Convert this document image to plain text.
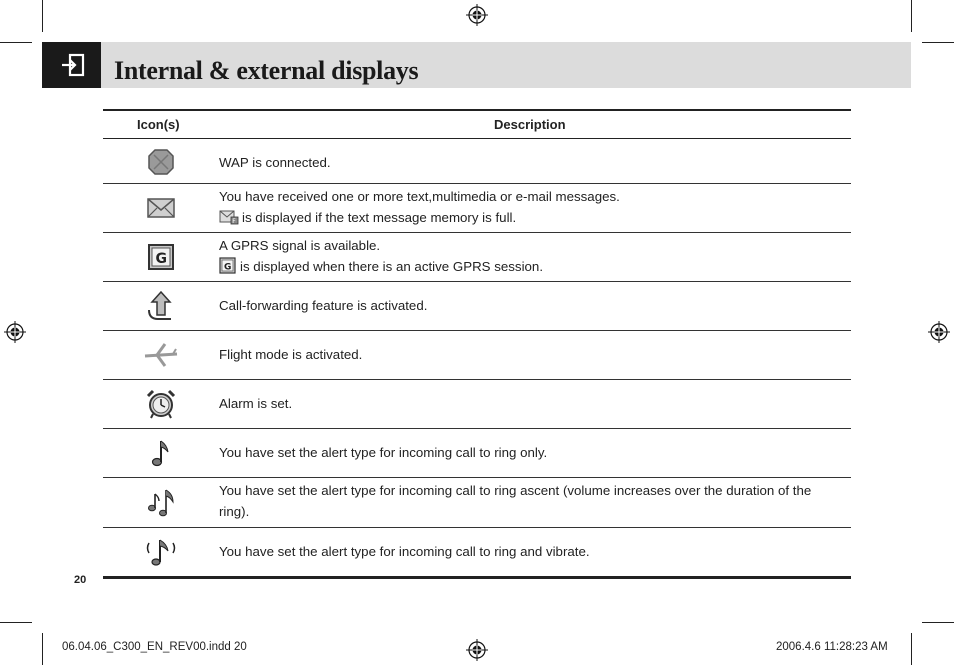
Internal & external displays
Icon(s)	Description
WAP is connected.
You have received one or more text,multimedia or e-mail messages.
F is displayed if the text message memory is full.
G
A GPRS signal is available.
G is displayed when there is an active GPRS session.
Call-forwarding feature is activated.
Flight mode is activated.
Alarm is set.
You have set the alert type for incoming call to ring only.
You have set the alert type for incoming call to ring ascent (volume increases over the duration of the ring).
You have set the alert type for incoming call to ring and vibrate.
20
06.04.06_C300_EN_REV00.indd 20	2006.4.6 11:28:23 AM
